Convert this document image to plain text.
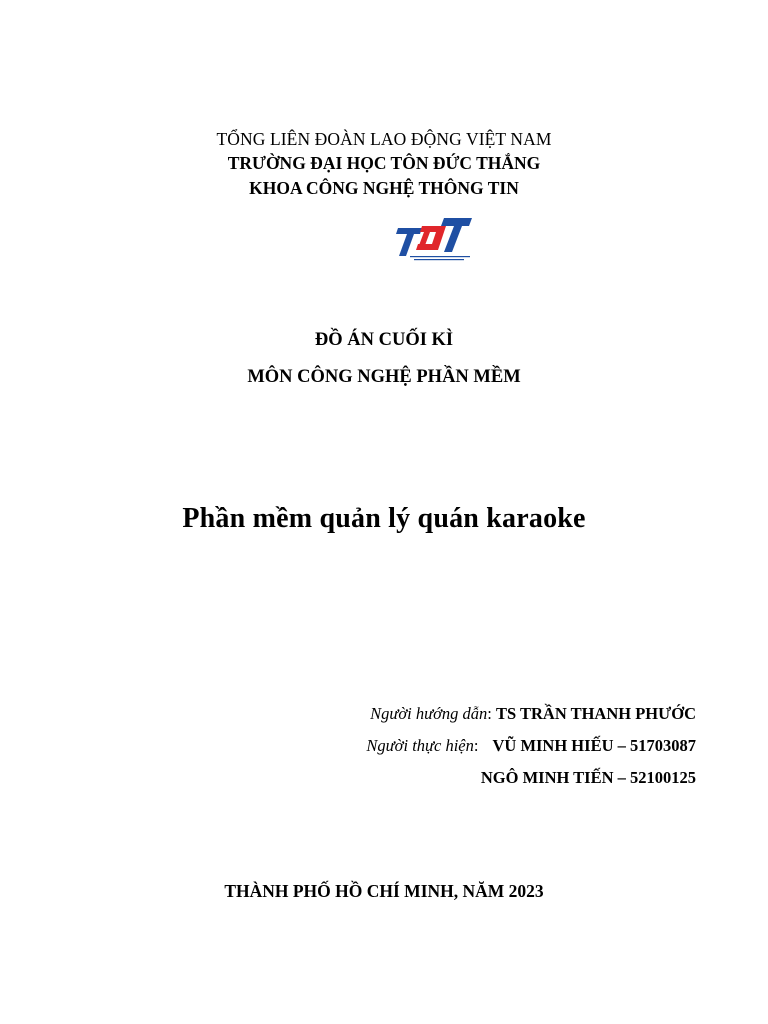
TỔNG LIÊN ĐOÀN LAO ĐỘNG VIỆT NAM
TRƯỜNG ĐẠI HỌC TÔN ĐỨC THẮNG
KHOA CÔNG NGHỆ THÔNG TIN
ĐỒ ÁN CUỐI KÌ
MÔN CÔNG NGHỆ PHẦN MỀM
Phần mềm quản lý quán karaoke
Người hướng dẫn: TS TRẦN THANH PHƯỚC
Người thực hiện: VŨ MINH HIẾU – 51703087
NGÔ MINH TIẾN – 52100125
THÀNH PHỐ HỒ CHÍ MINH, NĂM 2023
